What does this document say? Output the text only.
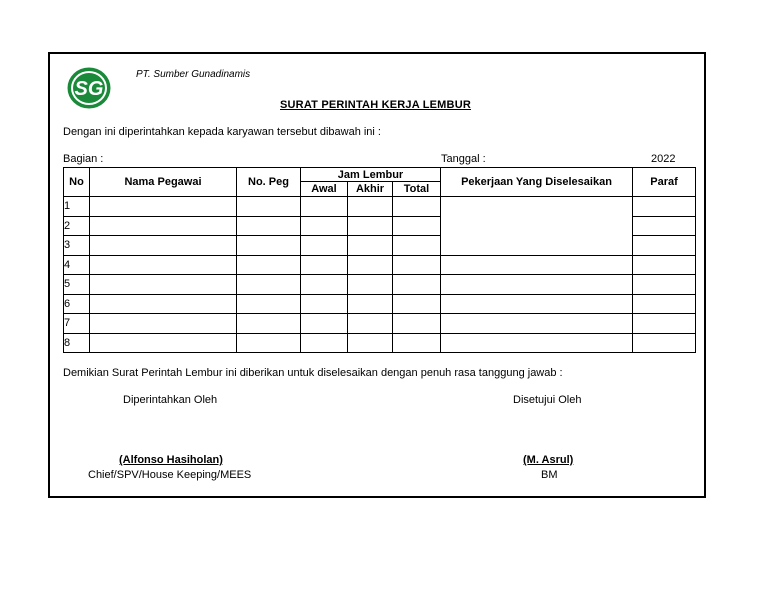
SG
PT. Sumber Gunadinamis
SURAT PERINTAH KERJA LEMBUR
Dengan ini diperintahkan kepada karyawan tersebut dibawah ini :
Bagian :	Tanggal :	2022
No	Nama Pegawai	No. Peg	Jam Lembur			Pekerjaan Yang Diselesaikan	Paraf
			Awal	Akhir	Total		
1							
2							
3							
4							
5							
6							
7							
8							
Demikian Surat Perintah Lembur ini diberikan untuk diselesaikan dengan penuh rasa tanggung jawab :
Diperintahkan Oleh	Disetujui Oleh
(Alfonso Hasiholan)
Chief/SPV/House Keeping/MEES
(M. Asrul)
BM
